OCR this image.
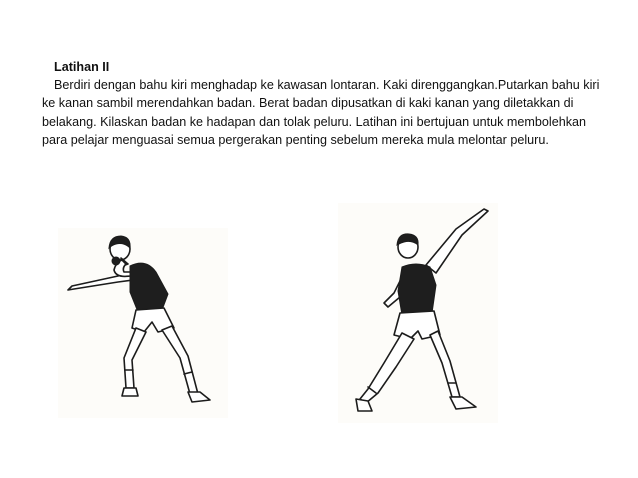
Latihan II
Berdiri dengan bahu kiri menghadap ke kawasan lontaran. Kaki direnggangkan.Putarkan bahu kiri ke kanan sambil merendahkan badan. Berat badan dipusatkan di kaki kanan yang diletakkan di belakang. Kilaskan badan ke hadapan dan tolak peluru. Latihan ini bertujuan untuk membolehkan para pelajar menguasai semua pergerakan penting sebelum mereka mula melontar peluru.
